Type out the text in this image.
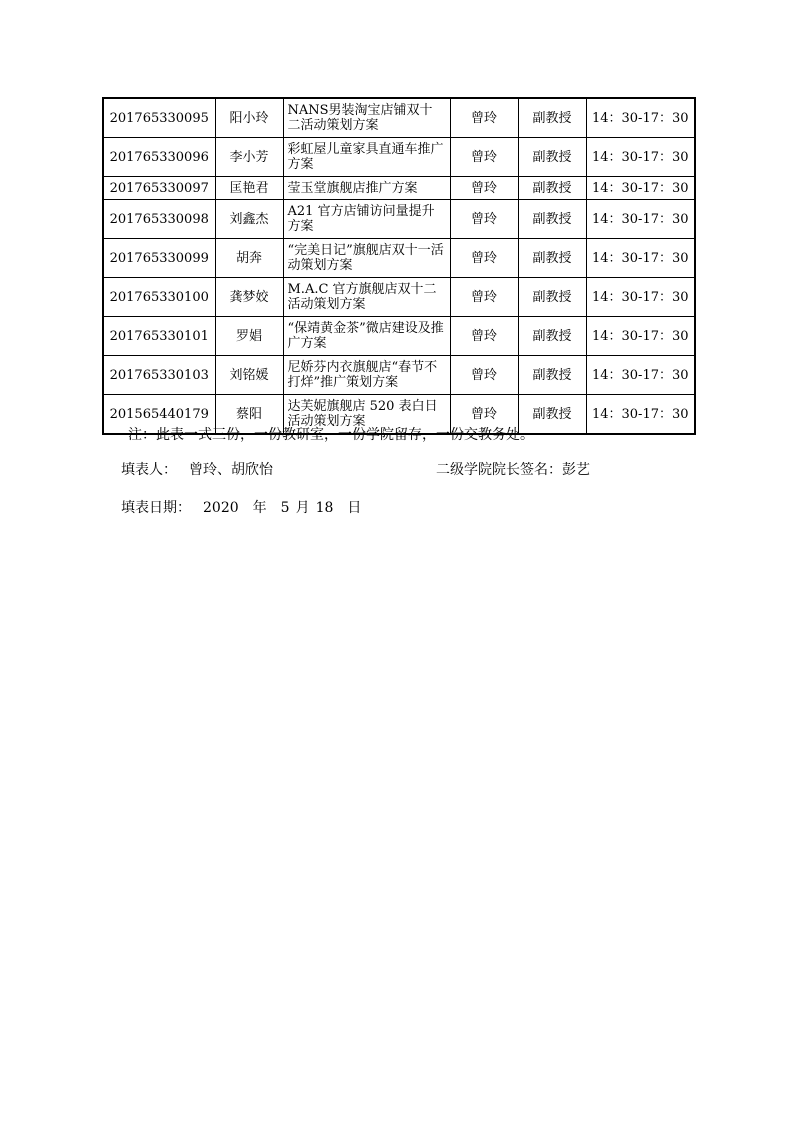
201765330095	阳小玲	NANS男装淘宝店铺双十二活动策划方案	曾玲	副教授	14：30-17：30
201765330096	李小芳	彩虹屋儿童家具直通车推广方案	曾玲	副教授	14：30-17：30
201765330097	匡艳君	莹玉堂旗舰店推广方案	曾玲	副教授	14：30-17：30
201765330098	刘鑫杰	A21 官方店铺访问量提升方案	曾玲	副教授	14：30-17：30
201765330099	胡奔	“完美日记”旗舰店双十一活动策划方案	曾玲	副教授	14：30-17：30
201765330100	龚梦姣	M.A.C 官方旗舰店双十二活动策划方案	曾玲	副教授	14：30-17：30
201765330101	罗娼	“保靖黄金茶”微店建设及推广方案	曾玲	副教授	14：30-17：30
201765330103	刘铭媛	尼娇芬内衣旗舰店“春节不打烊”推广策划方案	曾玲	副教授	14：30-17：30
201565440179	蔡阳	达芙妮旗舰店 520 表白日活动策划方案	曾玲	副教授	14：30-17：30
注：此表一式三份，一份教研室，一份学院留存，一份交教务处。
填表人： 曾玲、胡欣怡	二级学院院长签名：彭艺
填表日期： 2020 年 5 月 18 日
